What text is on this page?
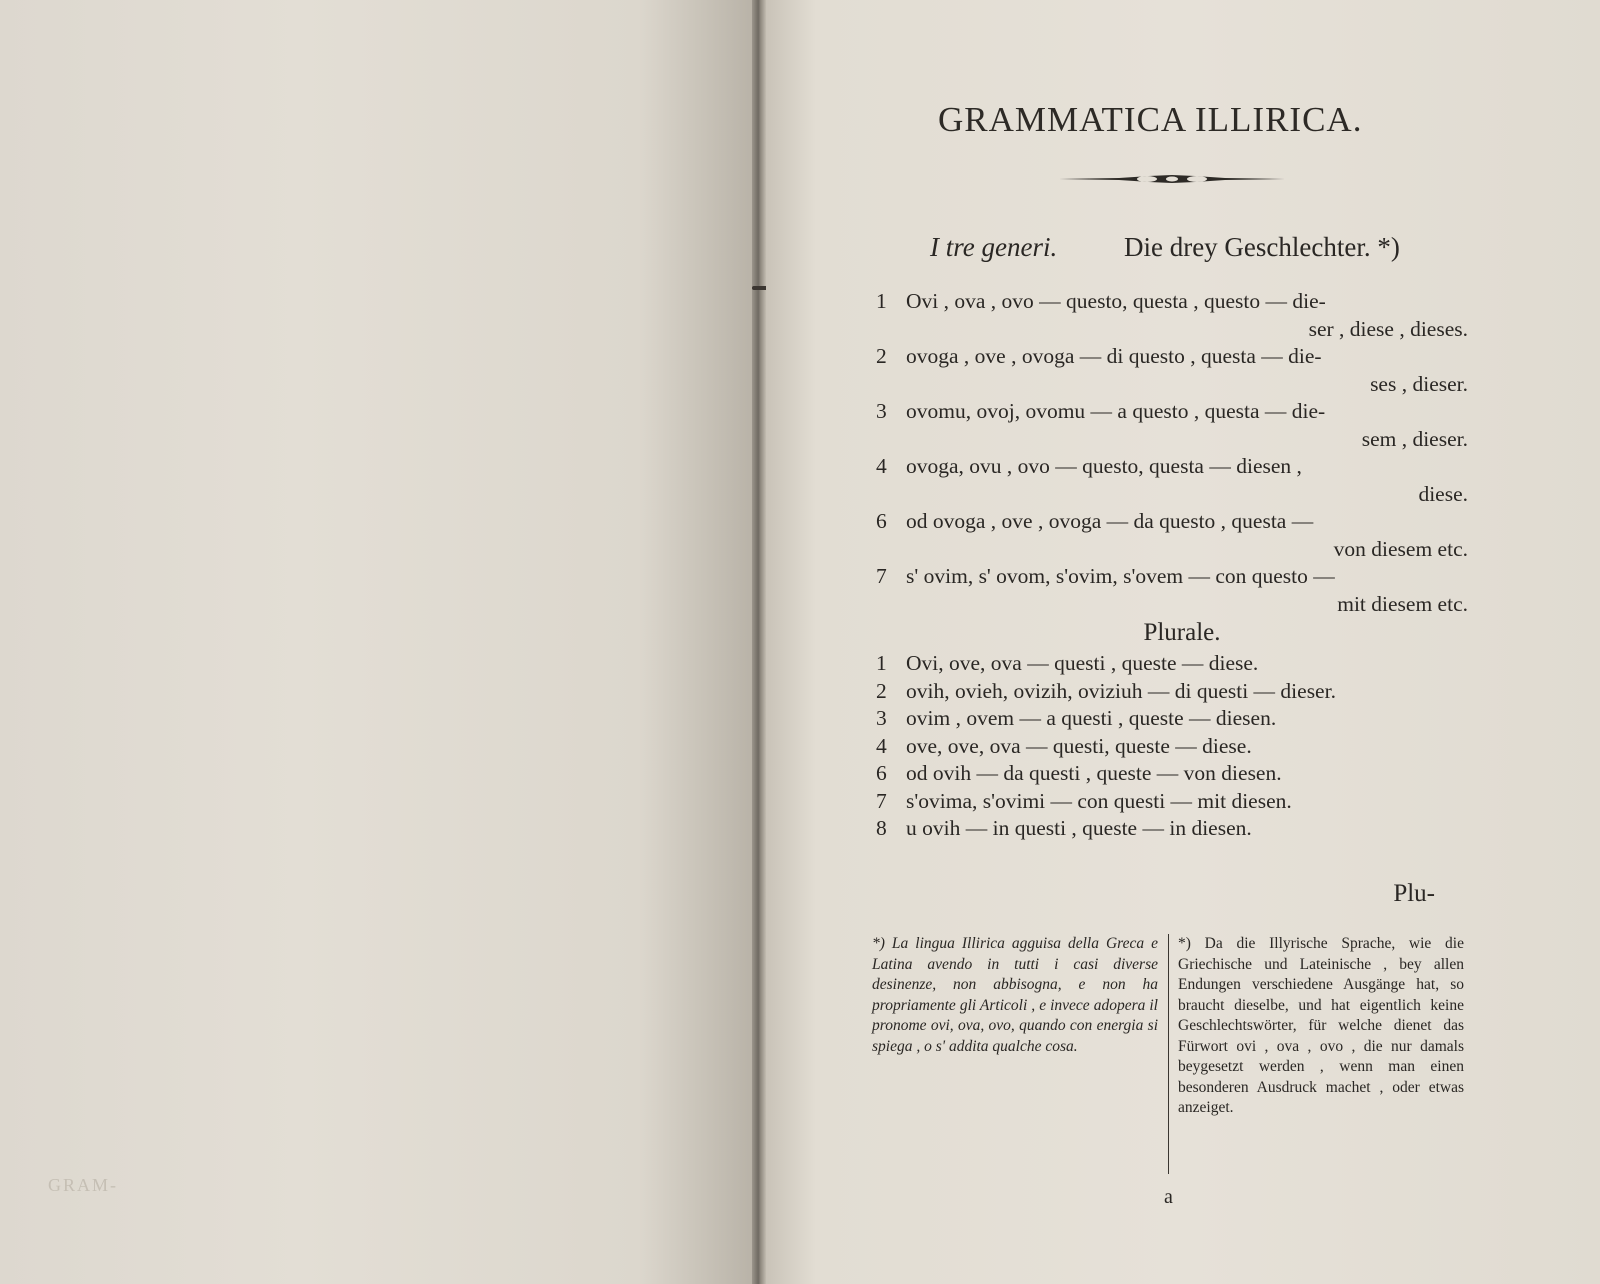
GRAM-
GRAMMATICA ILLIRICA.
I tre generi. Die drey Geschlechter. *)
1 Ovi , ova , ovo — questo, questa , questo — die-
ser , diese , dieses.
2 ovoga , ove , ovoga — di questo , questa — die-
ses , dieser.
3 ovomu, ovoj, ovomu — a questo , questa — die-
sem , dieser.
4 ovoga, ovu , ovo — questo, questa — diesen ,
diese.
6 od ovoga , ove , ovoga — da questo , questa —
von diesem etc.
7 s' ovim, s' ovom, s'ovim, s'ovem — con questo —
mit diesem etc.
Plurale.
1 Ovi, ove, ova — questi , queste — diese.
2 ovih, ovieh, ovizih, oviziuh — di questi — dieser.
3 ovim , ovem — a questi , queste — diesen.
4 ove, ove, ova — questi, queste — diese.
6 od ovih — da questi , queste — von diesen.
7 s'ovima, s'ovimi — con questi — mit diesen.
8 u ovih — in questi , queste — in diesen.
Plu-
*) La lingua Illirica agguisa della Greca e Latina avendo in tutti i casi diverse desinenze, non abbisogna, e non ha propriamente gli Articoli , e invece adopera il pronome ovi, ova, ovo, quando con energia si spiega , o s' addita qualche cosa.
*) Da die Illyrische Sprache, wie die Griechische und Lateinische , bey allen Endungen verschiedene Ausgänge hat, so braucht dieselbe, und hat eigentlich keine Geschlechtswörter, für welche dienet das Fürwort ovi , ova , ovo , die nur damals beygesetzt werden , wenn man einen besonderen Ausdruck machet , oder etwas anzeiget.
a
